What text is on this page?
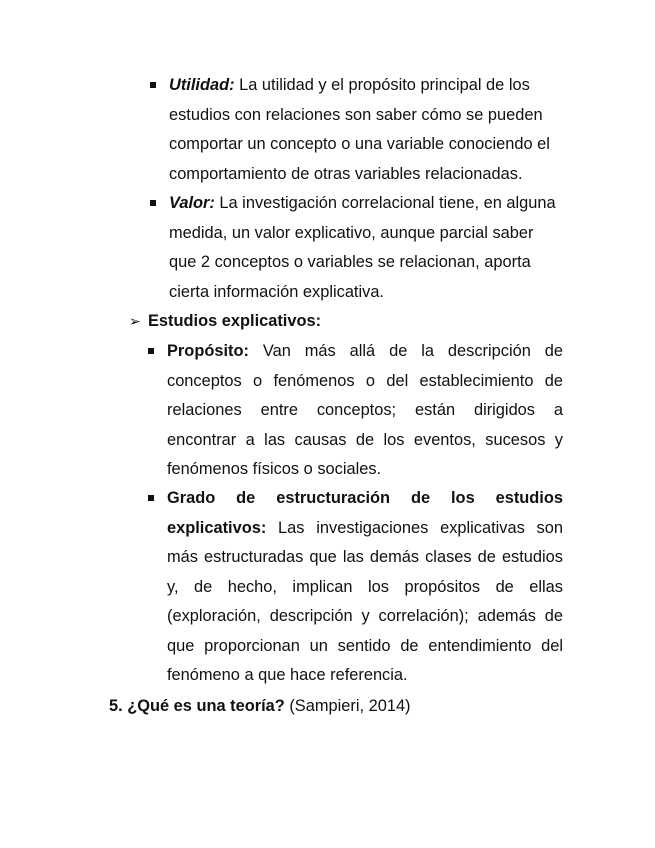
Utilidad: La utilidad y el propósito principal de los estudios con relaciones son saber cómo se pueden comportar un concepto o una variable conociendo el comportamiento de otras variables relacionadas.

Valor: La investigación correlacional tiene, en alguna medida, un valor explicativo, aunque parcial saber que 2 conceptos o variables se relacionan, aporta cierta información explicativa.

➢ Estudios explicativos:

Propósito: Van más allá de la descripción de conceptos o fenómenos o del establecimiento de relaciones entre conceptos; están dirigidos a encontrar a las causas de los eventos, sucesos y fenómenos físicos o sociales.

Grado de estructuración de los estudios explicativos: Las investigaciones explicativas son más estructuradas que las demás clases de estudios y, de hecho, implican los propósitos de ellas (exploración, descripción y correlación); además de que proporcionan un sentido de entendimiento del fenómeno a que hace referencia.

5. ¿Qué es una teoría? (Sampieri, 2014)
